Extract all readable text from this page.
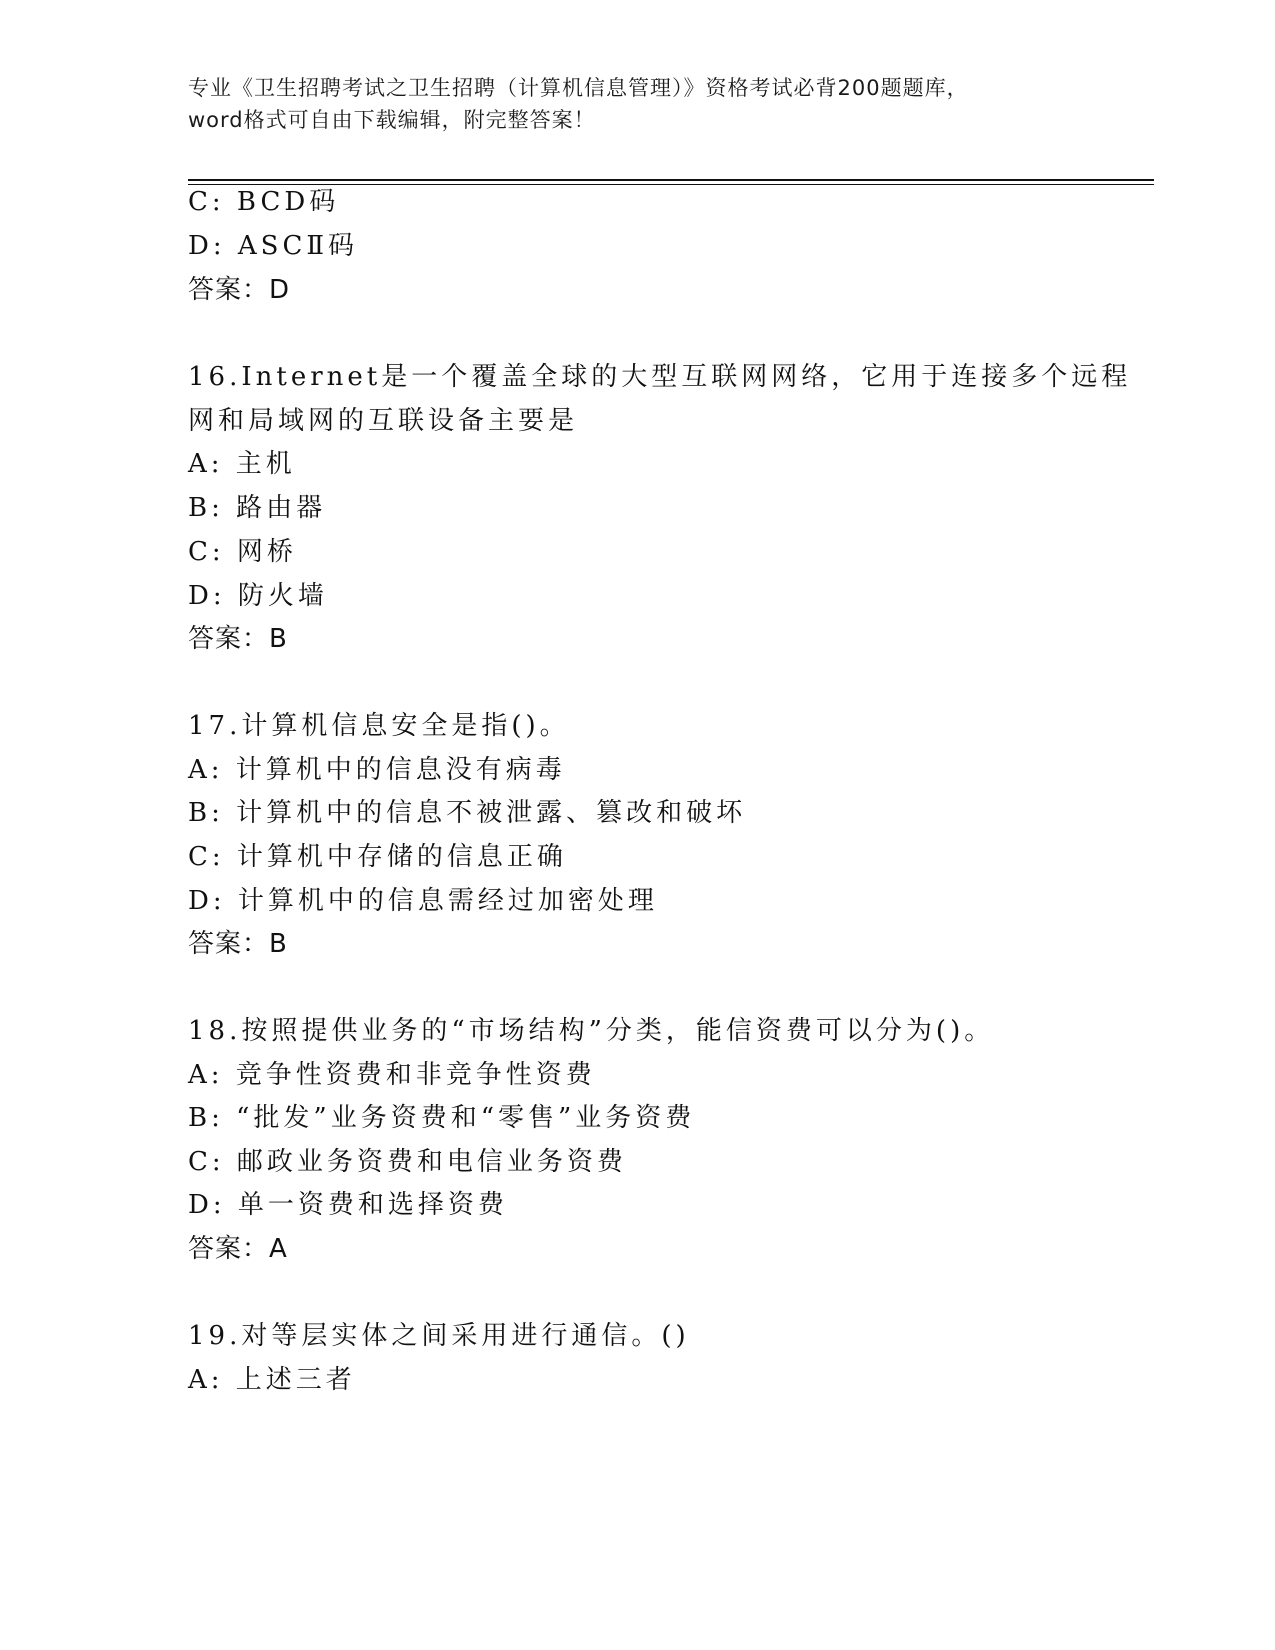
专业《卫生招聘考试之卫生招聘（计算机信息管理）》资格考试必背200题题库，

word格式可自由下载编辑，附完整答案！

C: BCD码

D: ASCⅡ码

答案：D

16.Internet是一个覆盖全球的大型互联网网络，它用于连接多个远程

网和局域网的互联设备主要是

A: 主机

B: 路由器

C: 网桥

D: 防火墙

答案：B

17.计算机信息安全是指()。

A: 计算机中的信息没有病毒

B: 计算机中的信息不被泄露、篡改和破坏

C: 计算机中存储的信息正确

D: 计算机中的信息需经过加密处理

答案：B

18.按照提供业务的“市场结构”分类，能信资费可以分为()。

A: 竞争性资费和非竞争性资费

B: “批发”业务资费和“零售”业务资费

C: 邮政业务资费和电信业务资费

D: 单一资费和选择资费

答案：A

19.对等层实体之间采用进行通信。()

A: 上述三者
